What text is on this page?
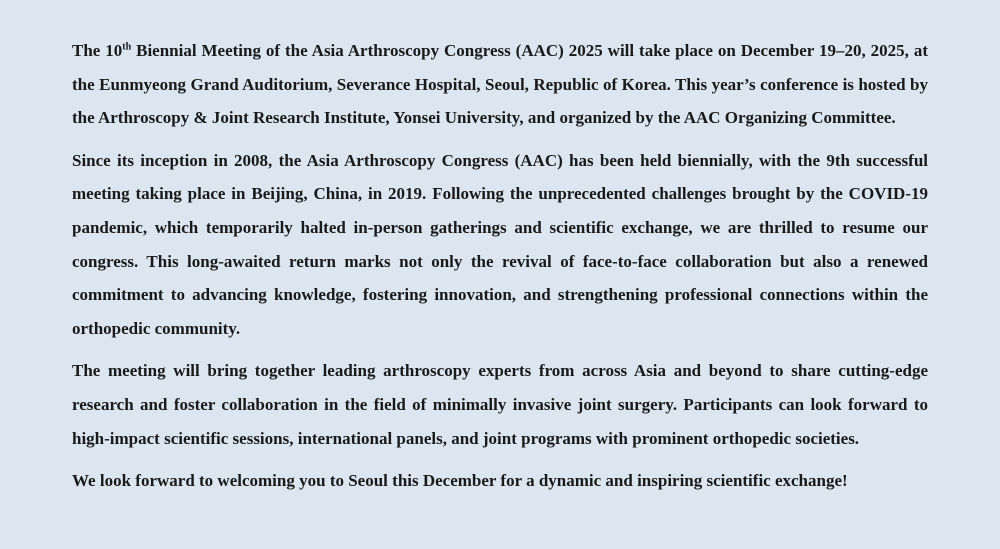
The 10th Biennial Meeting of the Asia Arthroscopy Congress (AAC) 2025 will take place on December 19–20, 2025, at the Eunmyeong Grand Auditorium, Severance Hospital, Seoul, Republic of Korea. This year’s conference is hosted by the Arthroscopy & Joint Research Institute, Yonsei University, and organized by the AAC Organizing Committee.

Since its inception in 2008, the Asia Arthroscopy Congress (AAC) has been held biennially, with the 9th successful meeting taking place in Beijing, China, in 2019. Following the unprecedented challenges brought by the COVID-19 pandemic, which temporarily halted in-person gatherings and scientific exchange, we are thrilled to resume our congress. This long-awaited return marks not only the revival of face-to-face collaboration but also a renewed commitment to advancing knowledge, fostering innovation, and strengthening professional connections within the orthopedic community.

The meeting will bring together leading arthroscopy experts from across Asia and beyond to share cutting-edge research and foster collaboration in the field of minimally invasive joint surgery. Participants can look forward to high-impact scientific sessions, international panels, and joint programs with prominent orthopedic societies.

We look forward to welcoming you to Seoul this December for a dynamic and inspiring scientific exchange!
